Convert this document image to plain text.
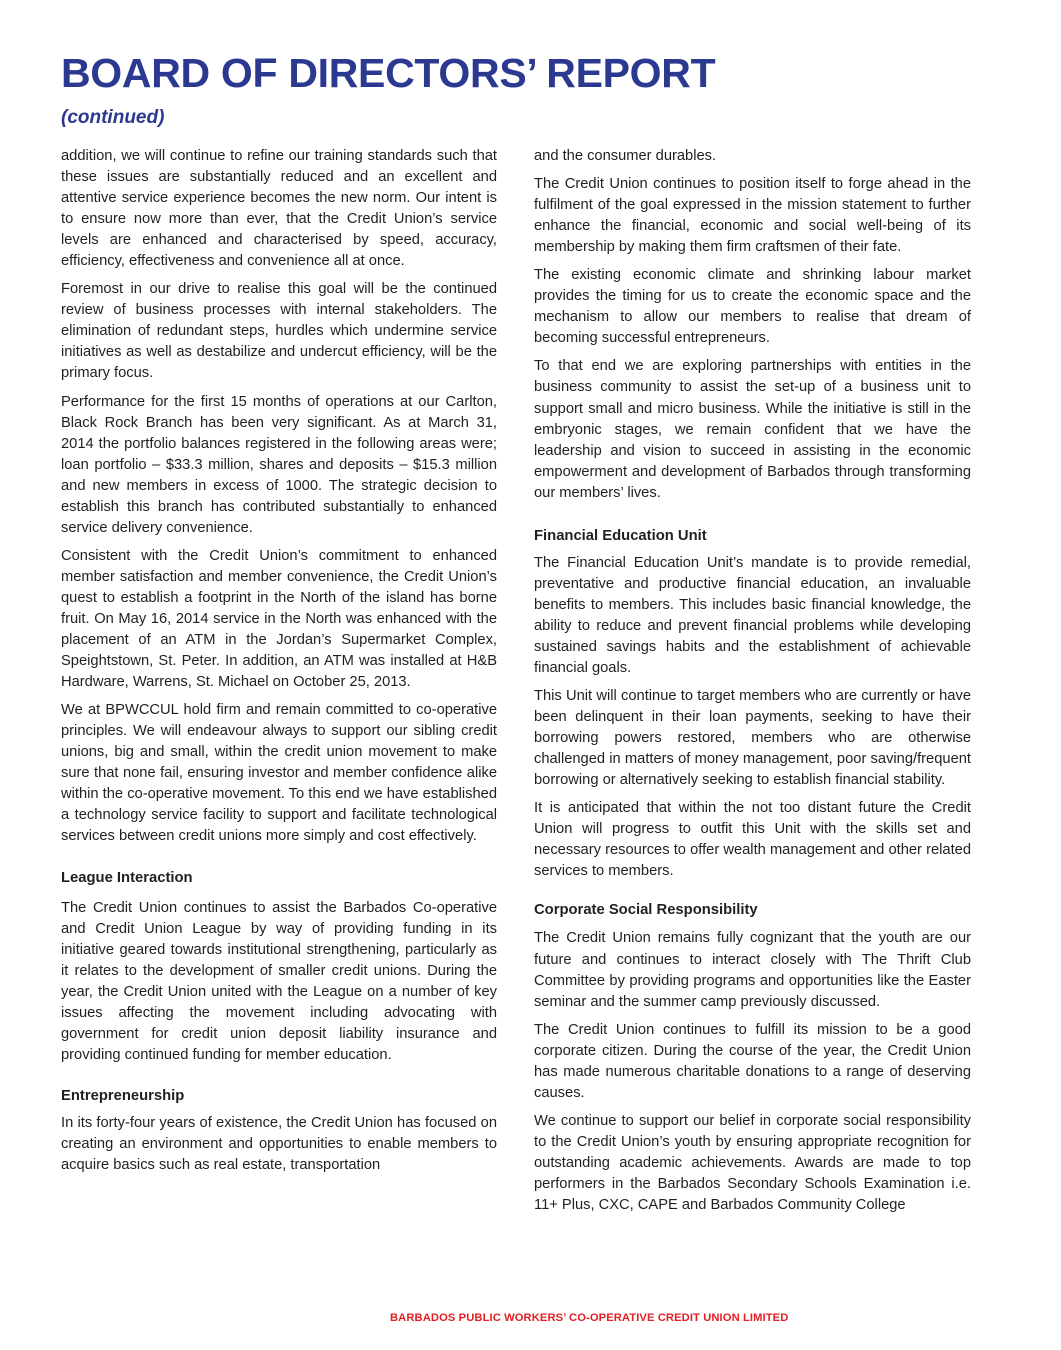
BOARD OF DIRECTORS’ REPORT
(continued)

addition, we will continue to refine our training standards such that these issues are substantially reduced and an excellent and attentive service experience becomes the new norm. Our intent is to ensure now more than ever, that the Credit Union’s service levels are enhanced and characterised by speed, accuracy, efficiency, effectiveness and convenience all at once.

Foremost in our drive to realise this goal will be the continued review of business processes with internal stakeholders. The elimination of redundant steps, hurdles which undermine service initiatives as well as destabilize and undercut efficiency, will be the primary focus.

Performance for the first 15 months of operations at our Carlton, Black Rock Branch has been very significant. As at March 31, 2014 the portfolio balances registered in the following areas were; loan portfolio – $33.3 million, shares and deposits – $15.3 million and new members in excess of 1000. The strategic decision to establish this branch has contributed substantially to enhanced service delivery convenience.

Consistent with the Credit Union’s commitment to enhanced member satisfaction and member convenience, the Credit Union’s quest to establish a footprint in the North of the island has borne fruit. On May 16, 2014 service in the North was enhanced with the placement of an ATM in the Jordan’s Supermarket Complex, Speightstown, St. Peter. In addition, an ATM was installed at H&B Hardware, Warrens, St. Michael on October 25, 2013.

We at BPWCCUL hold firm and remain committed to co-operative principles. We will endeavour always to support our sibling credit unions, big and small, within the credit union movement to make sure that none fail, ensuring investor and member confidence alike within the co-operative movement. To this end we have established a technology service facility to support and facilitate technological services between credit unions more simply and cost effectively.

League Interaction

The Credit Union continues to assist the Barbados Co-operative and Credit Union League by way of providing funding in its initiative geared towards institutional strengthening, particularly as it relates to the development of smaller credit unions. During the year, the Credit Union united with the League on a number of key issues affecting the movement including advocating with government for credit union deposit liability insurance and providing continued funding for member education.

Entrepreneurship

In its forty-four years of existence, the Credit Union has focused on creating an environment and opportunities to enable members to acquire basics such as real estate, transportation

and the consumer durables.

The Credit Union continues to position itself to forge ahead in the fulfilment of the goal expressed in the mission statement to further enhance the financial, economic and social well-being of its membership by making them firm craftsmen of their fate.

The existing economic climate and shrinking labour market provides the timing for us to create the economic space and the mechanism to allow our members to realise that dream of becoming successful entrepreneurs.

To that end we are exploring partnerships with entities in the business community to assist the set-up of a business unit to support small and micro business. While the initiative is still in the embryonic stages, we remain confident that we have the leadership and vision to succeed in assisting in the economic empowerment and development of Barbados through transforming our members’ lives.

Financial Education Unit

The Financial Education Unit’s mandate is to provide remedial, preventative and productive financial education, an invaluable benefits to members. This includes basic financial knowledge, the ability to reduce and prevent financial problems while developing sustained savings habits and the establishment of achievable financial goals.

This Unit will continue to target members who are currently or have been delinquent in their loan payments, seeking to have their borrowing powers restored, members who are otherwise challenged in matters of money management, poor saving/frequent borrowing or alternatively seeking to establish financial stability.

It is anticipated that within the not too distant future the Credit Union will progress to outfit this Unit with the skills set and necessary resources to offer wealth management and other related services to members.

Corporate Social Responsibility

The Credit Union remains fully cognizant that the youth are our future and continues to interact closely with The Thrift Club Committee by providing programs and opportunities like the Easter seminar and the summer camp previously discussed.

The Credit Union continues to fulfill its mission to be a good corporate citizen. During the course of the year, the Credit Union has made numerous charitable donations to a range of deserving causes.

We continue to support our belief in corporate social responsibility to the Credit Union’s youth by ensuring appropriate recognition for outstanding academic achievements. Awards are made to top performers in the Barbados Secondary Schools Examination i.e. 11+ Plus, CXC, CAPE and Barbados Community College

BARBADOS PUBLIC WORKERS’ CO-OPERATIVE CREDIT UNION LIMITED
